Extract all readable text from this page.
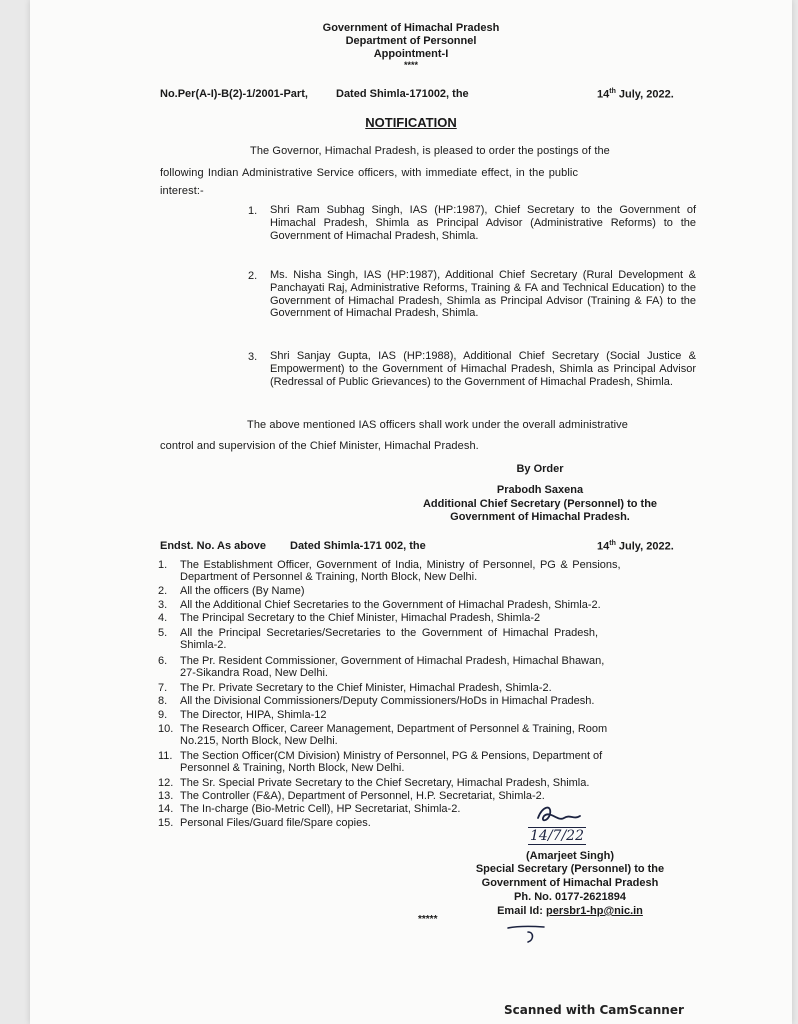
Government of Himachal Pradesh
Department of Personnel
Appointment-I
****
No.Per(A-I)-B(2)-1/2001-Part,	Dated Shimla-171002, the	14th July, 2022.
NOTIFICATION
The Governor, Himachal Pradesh, is pleased to order the postings of the
following Indian Administrative Service officers, with immediate effect, in the public
interest:-
1. Shri Ram Subhag Singh, IAS (HP:1987), Chief Secretary to the Government of Himachal Pradesh, Shimla as Principal Advisor (Administrative Reforms) to the Government of Himachal Pradesh, Shimla.
2. Ms. Nisha Singh, IAS (HP:1987), Additional Chief Secretary (Rural Development & Panchayati Raj, Administrative Reforms, Training & FA and Technical Education) to the Government of Himachal Pradesh, Shimla as Principal Advisor (Training & FA) to the Government of Himachal Pradesh, Shimla.
3. Shri Sanjay Gupta, IAS (HP:1988), Additional Chief Secretary (Social Justice & Empowerment) to the Government of Himachal Pradesh, Shimla as Principal Advisor (Redressal of Public Grievances) to the Government of Himachal Pradesh, Shimla.
The above mentioned IAS officers shall work under the overall administrative
control and supervision of the Chief Minister, Himachal Pradesh.
By Order
Prabodh Saxena
Additional Chief Secretary (Personnel) to the
Government of Himachal Pradesh.
Endst. No. As above Dated Shimla-171 002, the	14th July, 2022.
1. The Establishment Officer, Government of India, Ministry of Personnel, PG & Pensions,
Department of Personnel & Training, North Block, New Delhi.
2. All the officers (By Name)
3. All the Additional Chief Secretaries to the Government of Himachal Pradesh, Shimla-2.
4. The Principal Secretary to the Chief Minister, Himachal Pradesh, Shimla-2
5. All the Principal Secretaries/Secretaries to the Government of Himachal Pradesh,
Shimla-2.
6. The Pr. Resident Commissioner, Government of Himachal Pradesh, Himachal Bhawan,
27-Sikandra Road, New Delhi.
7. The Pr. Private Secretary to the Chief Minister, Himachal Pradesh, Shimla-2.
8. All the Divisional Commissioners/Deputy Commissioners/HoDs in Himachal Pradesh.
9. The Director, HIPA, Shimla-12
10. The Research Officer, Career Management, Department of Personnel & Training, Room
No.215, North Block, New Delhi.
11. The Section Officer(CM Division) Ministry of Personnel, PG & Pensions, Department of
Personnel & Training, North Block, New Delhi.
12. The Sr. Special Private Secretary to the Chief Secretary, Himachal Pradesh, Shimla.
13. The Controller (F&A), Department of Personnel, H.P. Secretariat, Shimla-2.
14. The In-charge (Bio-Metric Cell), HP Secretariat, Shimla-2.
15. Personal Files/Guard file/Spare copies.
14/7/22
(Amarjeet Singh)
Special Secretary (Personnel) to the
Government of Himachal Pradesh
Ph. No. 0177-2621894
Email Id: persbr1-hp@nic.in
*****
Scanned with CamScanner
